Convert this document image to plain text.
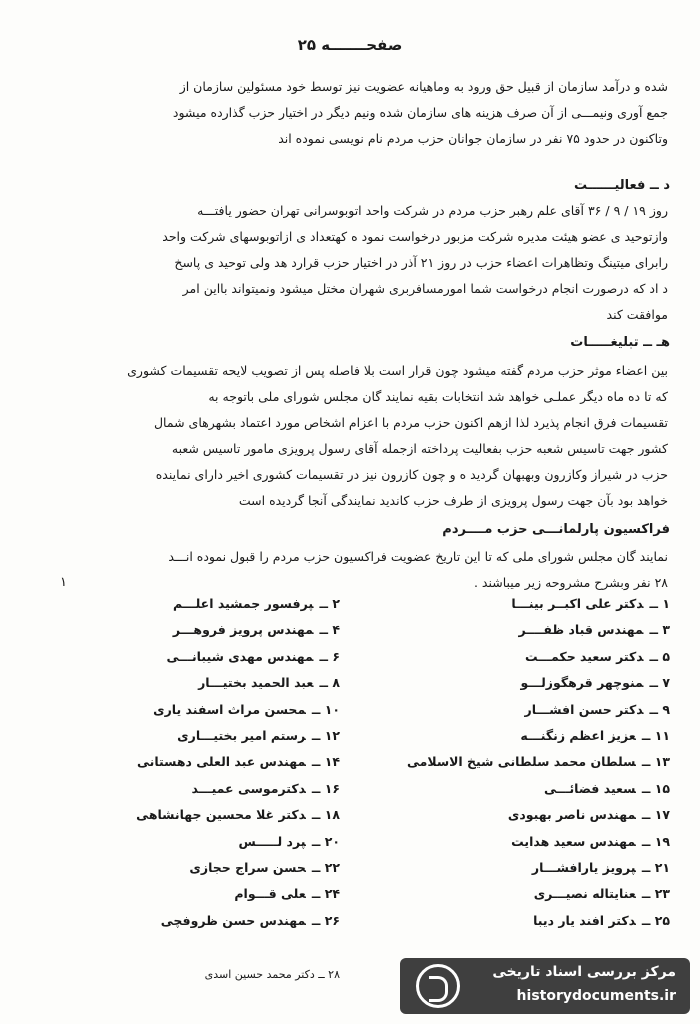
صفحـــــــه ۲۵
شده و درآمد سازمان از قبیل حق ورود به وماهیانه عضویت نیز توسط خود مسئولین سازمان از
جمع آوری ونیمـــی از آن صرف هزینه های سازمان شده ونیم دیگر در اختیار حزب گذارده میشود
وتاکنون در حدود ۷۵ نفر در سازمان جوانان حزب مردم نام نویسی نموده اند
د ــ فعالیــــــت
روز ۱۹ / ۹ / ۳۶ آقای علم رهبر حزب مردم در شرکت واحد اتوبوسرانی تهران حضور یافتـــه
وازتوحید ی عضو هیئت مدیره شرکت مزبور درخواست نمود ه کهتعداد ی ازاتوبوسهای شرکت واحد
رابرای میتینگ وتظاهرات اعضاء حزب در روز ۲۱ آذر در اختیار حزب قرارد هد ولی توحید ی پاسخ
د اد که درصورت انجام درخواست شما امورمسافربری شهران مختل میشود ونمیتواند بااین امر
موافقت کند
هـ ــ تبلیغـــــات
بین اعضاء موثر حزب مردم گفته میشود چون قرار است بلا فاصله پس از تصویب لایحه تقسیمات کشوری
که تا ده ماه دیگر عملـی خواهد شد انتخابات بقیه نمایند گان مجلس شورای ملی باتوجه به
تقسیمات فرق انجام پذیرد لذا ازهم اکنون حزب مردم با اعزام اشخاص مورد اعتماد بشهرهای شمال
کشور جهت تاسیس شعبه حزب بفعالیت پرداخته ازجمله آقای رسول پرویزی مامور تاسیس شعبه
حزب در شیراز وکازرون وبهبهان گردید ه و چون کازرون نیز در تقسیمات کشوری اخیر دارای نماینده
خواهد بود بآن جهت رسول پرویزی از طرف حزب کاندید نمایندگی آنجا گردیده است
فراکسیون پارلمانـــی حزب مــــردم
نمایند گان مجلس شورای ملی که تا این تاریخ عضویت فراکسیون حزب مردم را قبول نموده انـــد
۲۸ نفر وبشرح مشروحه زیر میباشند .
۱
۱ ــدکتر علی اکبــر بینـــا
۲ ــپرفسور جمشید اعلـــم
۳ ــمهندس قباد ظفــــر
۴ ــمهندس پرویز فروهـــر
۵ ــدکتر سعید حکمـــت
۶ ــمهندس مهدی شیبانـــی
۷ ــمنوچهر قرهگوزلـــو
۸ ــعبد الحمید بختیـــار
۹ ــدکتر حسن افشـــار
۱۰ ــمحسن مراث اسفند یاری
۱۱ ــعزیز اعظم زنگنـــه
۱۲ ــرستم امیر بختیـــاری
۱۳ ــسلطان محمد سلطانی شیخ الاسلامی
۱۴ ــمهندس عبد العلی دهستانی
۱۵ ــسعید فضائـــی
۱۶ ــدکترموسی عمیـــد
۱۷ ــمهندس ناصر بهبودی
۱۸ ــدکتر غلا محسین جهانشاهی
۱۹ ــمهندس سعید هدایت
۲۰ ــپرد لـــــس
۲۱ ــپرویز یارافشـــار
۲۲ ــحسن سراج حجازی
۲۳ ــعنایتاله نصیـــری
۲۴ ــعلی قـــوام
۲۵ ــدکتر افند یار دیبا
۲۶ ــمهندس حسن ظروفچی
۲۸ ــ دکتر محمد حسین اسدی	مرکز بررسی اسناد تاریخی
historydocuments.ir
